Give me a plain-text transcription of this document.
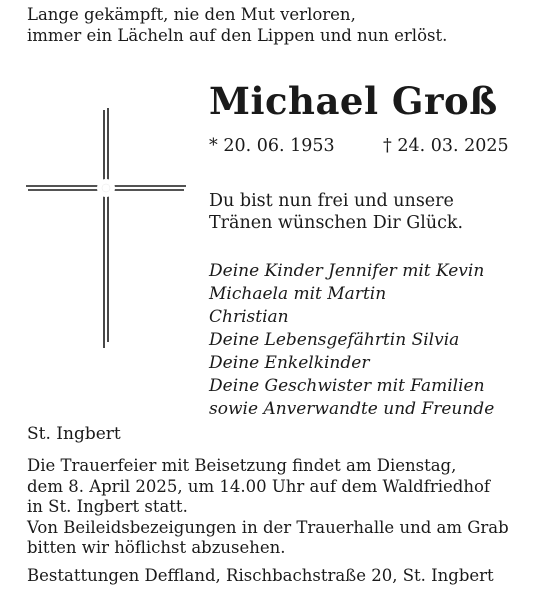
Lange gekämpft, nie den Mut verloren,
immer ein Lächeln auf den Lippen und nun erlöst.
Michael Groß
* 20. 06. 1953	† 24. 03. 2025
Du bist nun frei und unsere
Tränen wünschen Dir Glück.
Deine Kinder Jennifer mit Kevin
Michaela mit Martin
Christian
Deine Lebensgefährtin Silvia
Deine Enkelkinder
Deine Geschwister mit Familien
sowie Anverwandte und Freunde
St. Ingbert
Die Trauerfeier mit Beisetzung findet am Dienstag,
dem 8. April 2025, um 14.00 Uhr auf dem Waldfriedhof
in St. Ingbert statt.
Von Beileidsbezeigungen in der Trauerhalle und am Grab
bitten wir höflichst abzusehen.
Bestattungen Deffland, Rischbachstraße 20, St. Ingbert
